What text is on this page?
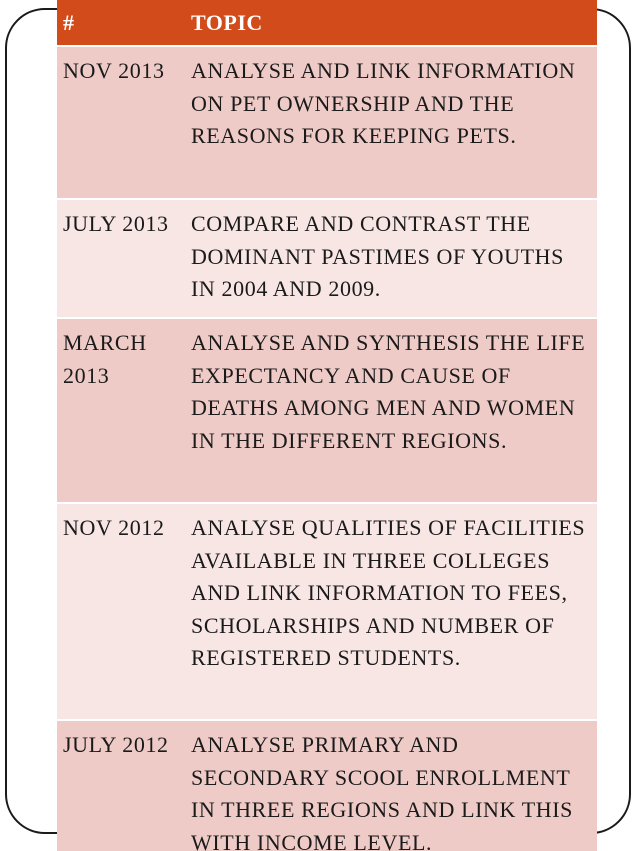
#	TOPIC
NOV 2013	ANALYSE AND LINK INFORMATION ON PET OWNERSHIP AND THE REASONS FOR KEEPING PETS.
JULY 2013	COMPARE AND CONTRAST THE DOMINANT PASTIMES OF YOUTHS IN 2004 AND 2009.
MARCH 2013	ANALYSE AND SYNTHESIS THE LIFE EXPECTANCY AND CAUSE OF DEATHS AMONG MEN AND WOMEN IN THE DIFFERENT REGIONS.
NOV 2012	ANALYSE QUALITIES OF FACILITIES AVAILABLE IN THREE COLLEGES AND LINK INFORMATION TO FEES, SCHOLARSHIPS AND NUMBER OF REGISTERED STUDENTS.
JULY 2012	ANALYSE PRIMARY AND SECONDARY SCOOL ENROLLMENT IN THREE REGIONS AND LINK THIS WITH INCOME LEVEL.
